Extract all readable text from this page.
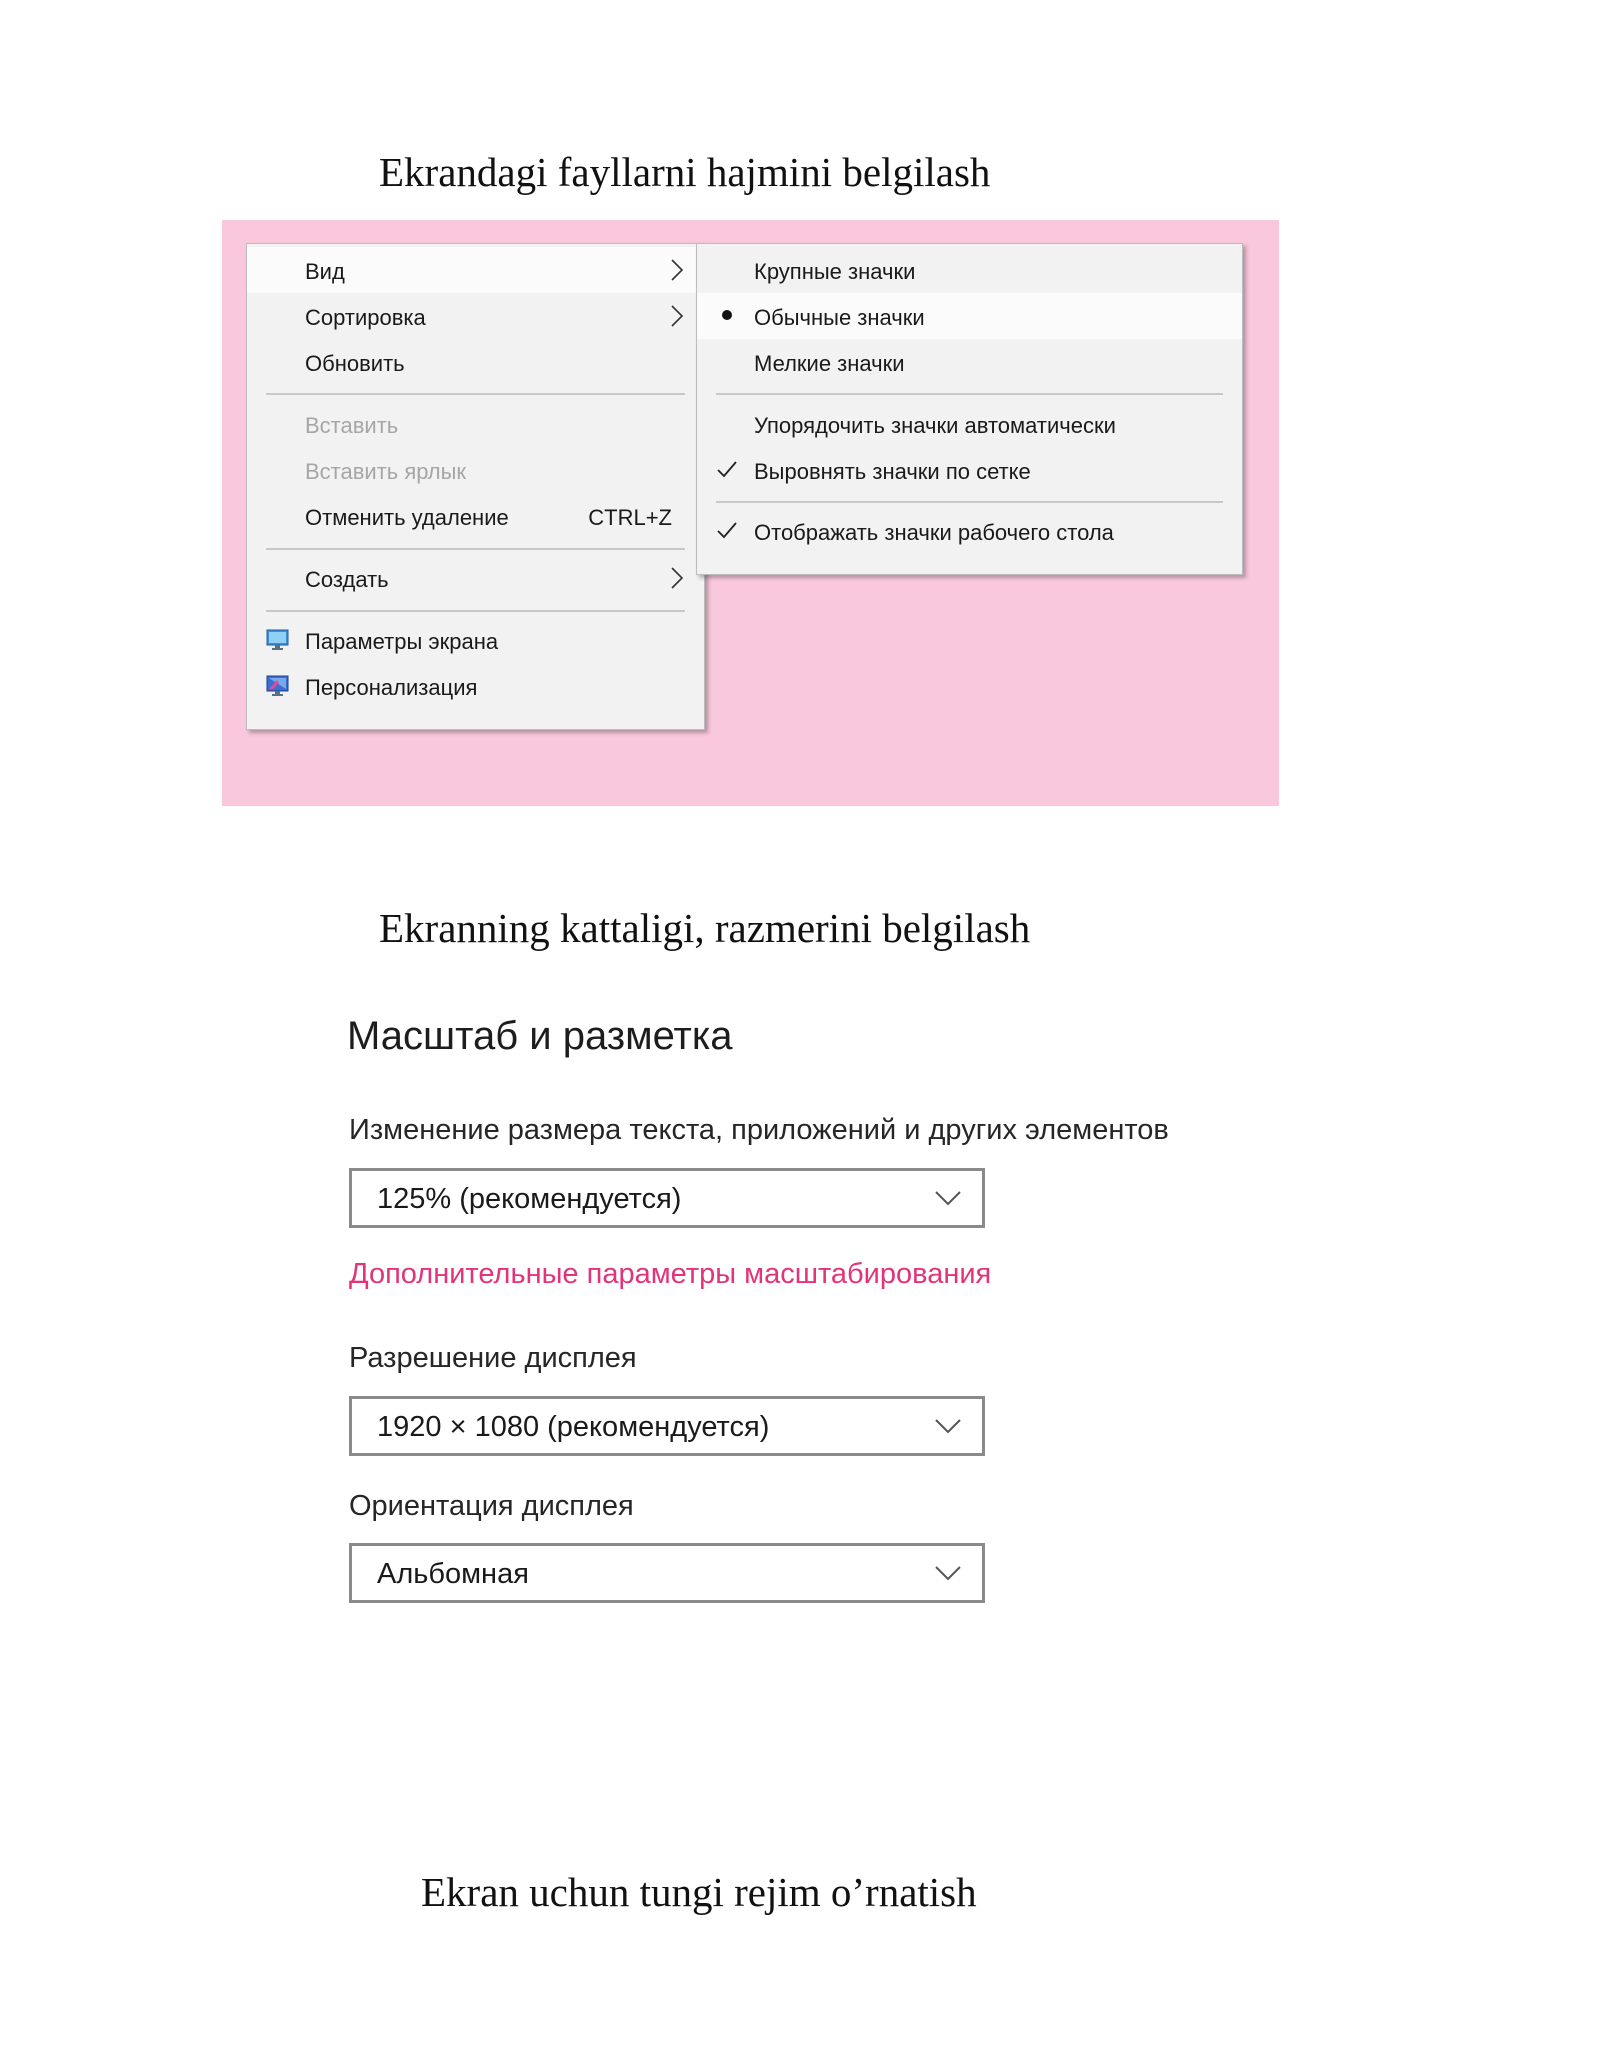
Ekrandagi fayllarni hajmini belgilash

Вид
Сортировка
Обновить
Вставить
Вставить ярлык
Отменить удаление	CTRL+Z
Создать
Параметры экрана
Персонализация
Крупные значки
Обычные значки
Мелкие значки
Упорядочить значки автоматически
Выровнять значки по сетке
Отображать значки рабочего стола

Ekranning kattaligi, razmerini belgilash

Масштаб и разметка
Изменение размера текста, приложений и других элементов
125% (рекомендуется)
Дополнительные параметры масштабирования
Разрешение дисплея
1920 × 1080 (рекомендуется)
Ориентация дисплея
Альбомная

Ekran uchun tungi rejim o’rnatish
